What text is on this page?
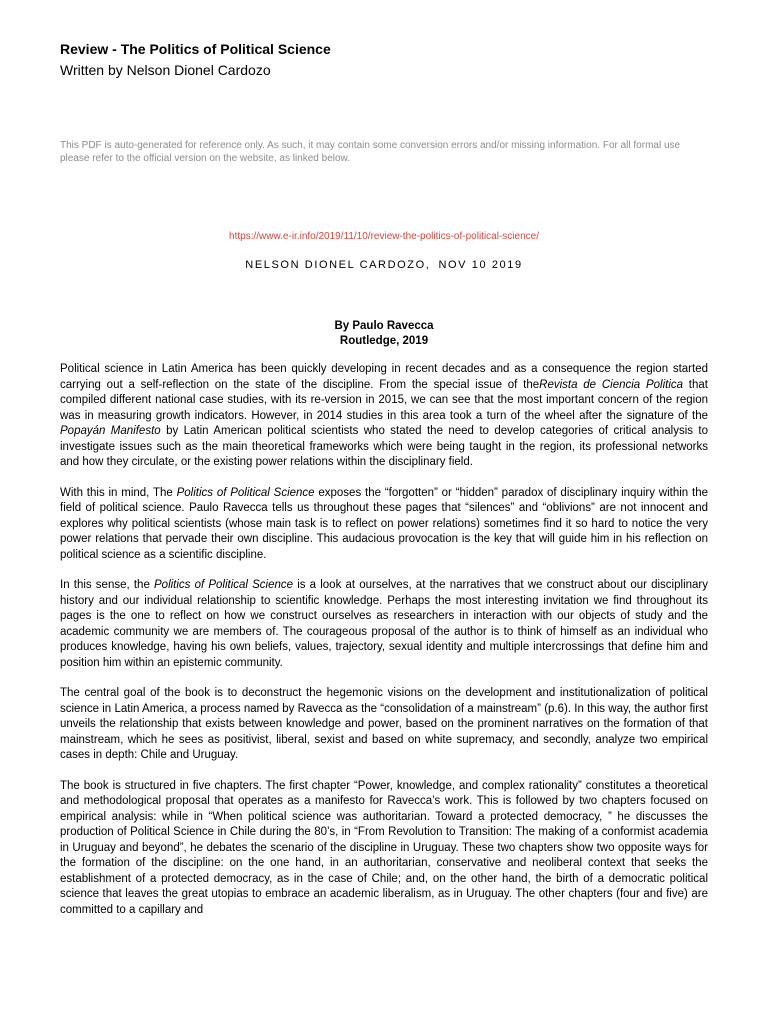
Review - The Politics of Political Science
Written by Nelson Dionel Cardozo
This PDF is auto-generated for reference only. As such, it may contain some conversion errors and/or missing information. For all formal use please refer to the official version on the website, as linked below.
https://www.e-ir.info/2019/11/10/review-the-politics-of-political-science/
NELSON DIONEL CARDOZO, NOV 10 2019
By Paulo Ravecca
Routledge, 2019

Political science in Latin America has been quickly developing in recent decades and as a consequence the region started carrying out a self-reflection on the state of the discipline. From the special issue of theRevista de Ciencia Politica that compiled different national case studies, with its re-version in 2015, we can see that the most important concern of the region was in measuring growth indicators. However, in 2014 studies in this area took a turn of the wheel after the signature of the Popayán Manifesto by Latin American political scientists who stated the need to develop categories of critical analysis to investigate issues such as the main theoretical frameworks which were being taught in the region, its professional networks and how they circulate, or the existing power relations within the disciplinary field.

With this in mind, The Politics of Political Science exposes the “forgotten” or “hidden” paradox of disciplinary inquiry within the field of political science. Paulo Ravecca tells us throughout these pages that “silences” and “oblivions” are not innocent and explores why political scientists (whose main task is to reflect on power relations) sometimes find it so hard to notice the very power relations that pervade their own discipline. This audacious provocation is the key that will guide him in his reflection on political science as a scientific discipline.

In this sense, the Politics of Political Science is a look at ourselves, at the narratives that we construct about our disciplinary history and our individual relationship to scientific knowledge. Perhaps the most interesting invitation we find throughout its pages is the one to reflect on how we construct ourselves as researchers in interaction with our objects of study and the academic community we are members of. The courageous proposal of the author is to think of himself as an individual who produces knowledge, having his own beliefs, values, trajectory, sexual identity and multiple intercrossings that define him and position him within an epistemic community.

The central goal of the book is to deconstruct the hegemonic visions on the development and institutionalization of political science in Latin America, a process named by Ravecca as the “consolidation of a mainstream” (p.6). In this way, the author first unveils the relationship that exists between knowledge and power, based on the prominent narratives on the formation of that mainstream, which he sees as positivist, liberal, sexist and based on white supremacy, and secondly, analyze two empirical cases in depth: Chile and Uruguay.

The book is structured in five chapters. The first chapter “Power, knowledge, and complex rationality” constitutes a theoretical and methodological proposal that operates as a manifesto for Ravecca’s work. This is followed by two chapters focused on empirical analysis: while in “When political science was authoritarian. Toward a protected democracy, ” he discusses the production of Political Science in Chile during the 80’s, in “From Revolution to Transition: The making of a conformist academia in Uruguay and beyond”, he debates the scenario of the discipline in Uruguay. These two chapters show two opposite ways for the formation of the discipline: on the one hand, in an authoritarian, conservative and neoliberal context that seeks the establishment of a protected democracy, as in the case of Chile; and, on the other hand, the birth of a democratic political science that leaves the great utopias to embrace an academic liberalism, as in Uruguay. The other chapters (four and five) are committed to a capillary and
